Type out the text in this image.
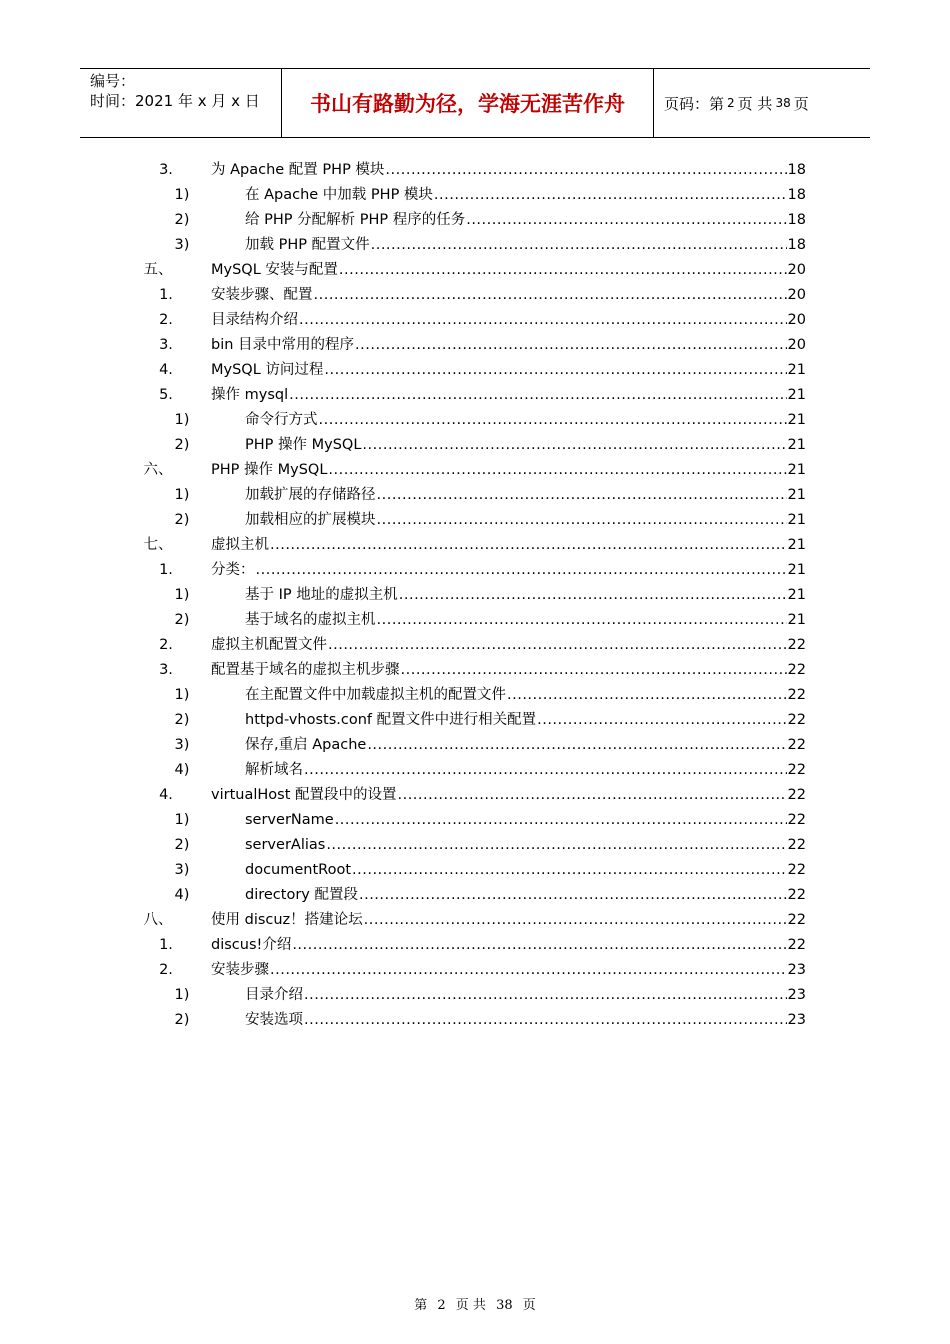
编号：
时间：2021 年 x 月 x 日	书山有路勤为径，学海无涯苦作舟	页码：第 2 页 共 38 页
3.	为 Apache 配置 PHP 模块 .....	18
1)	在 Apache 中加载 PHP 模块 .....	18
2)	给 PHP 分配解析 PHP 程序的任务 .....	18
3)	加载 PHP 配置文件 .....	18
五、	MySQL 安装与配置 .....	20
1.	安装步骤、配置 .....	20
2.	目录结构介绍 .....	20
3.	bin 目录中常用的程序 .....	20
4.	MySQL 访问过程 .....	21
5.	操作 mysql .....	21
1)	命令行方式 .....	21
2)	PHP 操作 MySQL .....	21
六、	PHP 操作 MySQL .....	21
1)	加载扩展的存储路径 .....	21
2)	加载相应的扩展模块 .....	21
七、	虚拟主机 .....	21
1.	分类： .....	21
1)	基于 IP 地址的虚拟主机 .....	21
2)	基于域名的虚拟主机 .....	21
2.	虚拟主机配置文件 .....	22
3.	配置基于域名的虚拟主机步骤 .....	22
1)	在主配置文件中加载虚拟主机的配置文件 .....	22
2)	httpd-vhosts.conf 配置文件中进行相关配置 .....	22
3)	保存,重启 Apache .....	22
4)	解析域名 .....	22
4.	virtualHost 配置段中的设置 .....	22
1)	serverName .....	22
2)	serverAlias .....	22
3)	documentRoot .....	22
4)	directory 配置段 .....	22
八、	使用 discuz！搭建论坛 .....	22
1.	discus!介绍 .....	22
2.	安装步骤 .....	23
1)	目录介绍 .....	23
2)	安装选项 .....	23
第 2 页 共 38 页
